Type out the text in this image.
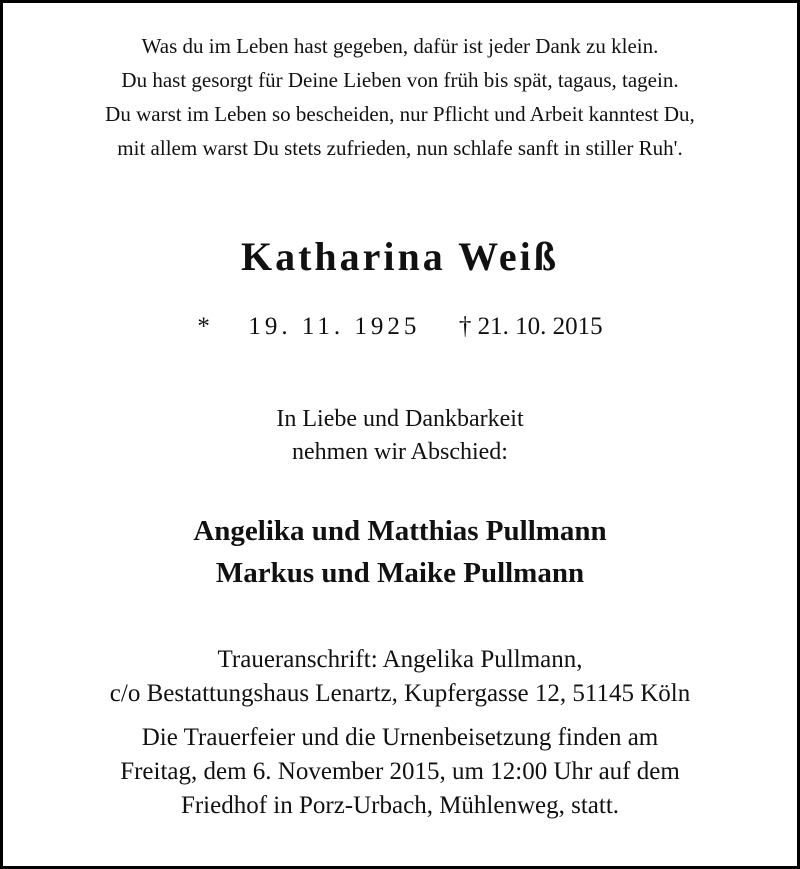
Was du im Leben hast gegeben, dafür ist jeder Dank zu klein.
Du hast gesorgt für Deine Lieben von früh bis spät, tagaus, tagein.
Du warst im Leben so bescheiden, nur Pflicht und Arbeit kanntest Du,
mit allem warst Du stets zufrieden, nun schlafe sanft in stiller Ruh'.
Katharina Weiß
* 19. 11. 1925 † 21. 10. 2015
In Liebe und Dankbarkeit
nehmen wir Abschied:
Angelika und Matthias Pullmann
Markus und Maike Pullmann
Traueranschrift: Angelika Pullmann,
c/o Bestattungshaus Lenartz, Kupfergasse 12, 51145 Köln
Die Trauerfeier und die Urnenbeisetzung finden am
Freitag, dem 6. November 2015, um 12:00 Uhr auf dem
Friedhof in Porz-Urbach, Mühlenweg, statt.
